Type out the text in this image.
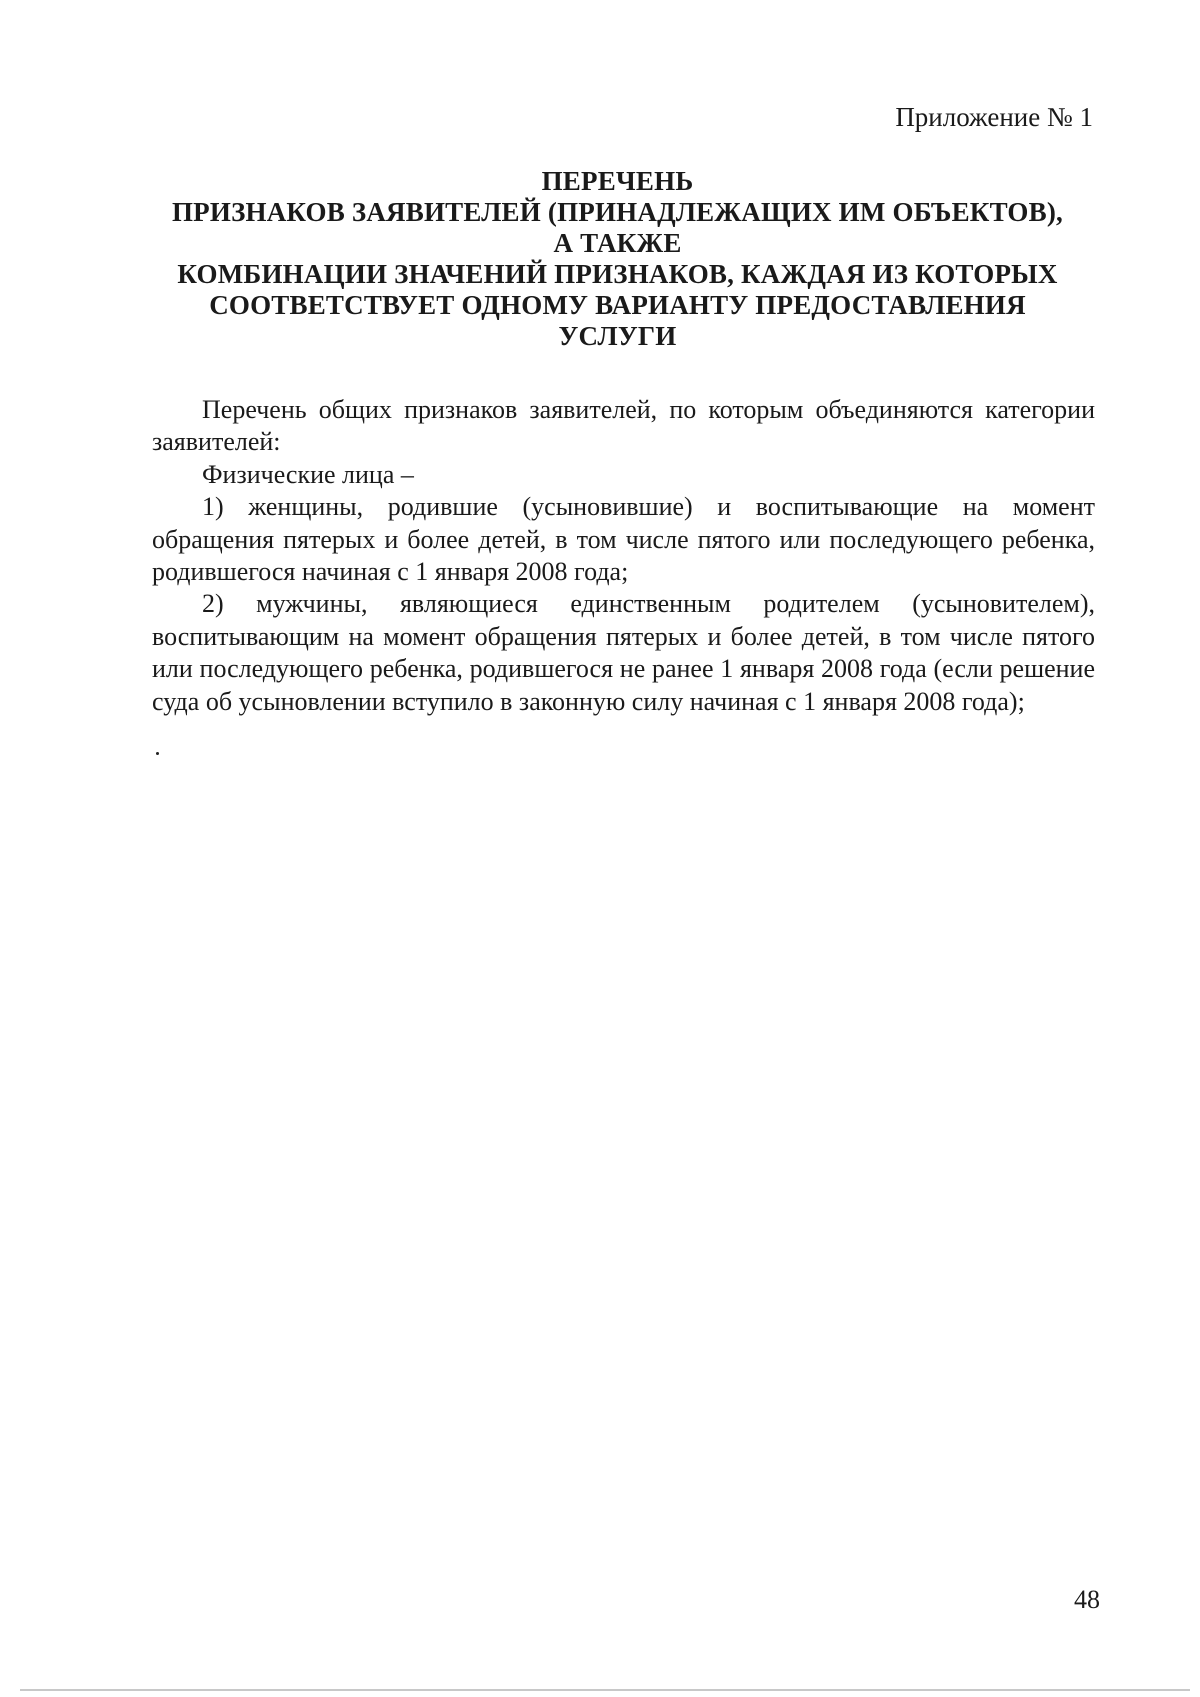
Приложение № 1
ПЕРЕЧЕНЬ
ПРИЗНАКОВ ЗАЯВИТЕЛЕЙ (ПРИНАДЛЕЖАЩИХ ИМ ОБЪЕКТОВ),
А ТАКЖЕ
КОМБИНАЦИИ ЗНАЧЕНИЙ ПРИЗНАКОВ, КАЖДАЯ ИЗ КОТОРЫХ
СООТВЕТСТВУЕТ ОДНОМУ ВАРИАНТУ ПРЕДОСТАВЛЕНИЯ
УСЛУГИ

Перечень общих признаков заявителей, по которым объединяются категории заявителей:

Физические лица –

1) женщины, родившие (усыновившие) и воспитывающие на момент обращения пятерых и более детей, в том числе пятого или последующего ребенка, родившегося начиная с 1 января 2008 года;

2) мужчины, являющиеся единственным родителем (усыновителем), воспитывающим на момент обращения пятерых и более детей, в том числе пятого или последующего ребенка, родившегося не ранее 1 января 2008 года (если решение суда об усыновлении вступило в законную силу начиная с 1 января 2008 года);

48
